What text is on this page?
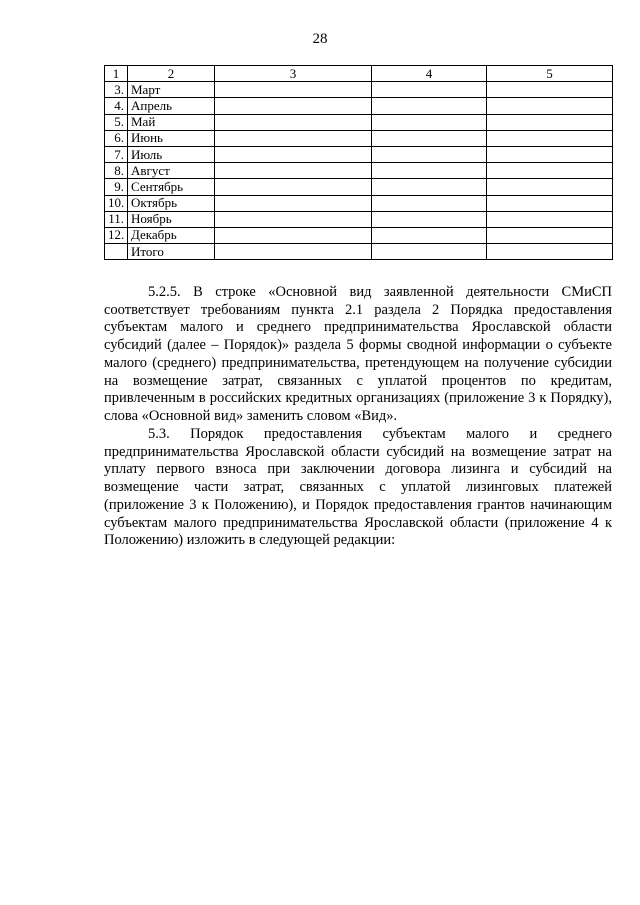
28
1	2	3	4	5
3.	Март			
4.	Апрель			
5.	Май			
6.	Июнь			
7.	Июль			
8.	Август			
9.	Сентябрь			
10.	Октябрь			
11.	Ноябрь			
12.	Декабрь			
	Итого			

5.2.5. В строке «Основной вид заявленной деятельности СМиСП соответствует требованиям пункта 2.1 раздела 2 Порядка предоставления субъектам малого и среднего предпринимательства Ярославской области субсидий (далее – Порядок)» раздела 5 формы сводной информации о субъекте малого (среднего) предпринимательства, претендующем на получение субсидии на возмещение затрат, связанных с уплатой процентов по кредитам, привлеченным в российских кредитных организациях (приложение 3 к Порядку), слова «Основной вид» заменить словом «Вид».

5.3. Порядок предоставления субъектам малого и среднего предпринимательства Ярославской области субсидий на возмещение затрат на уплату первого взноса при заключении договора лизинга и субсидий на возмещение части затрат, связанных с уплатой лизинговых платежей (приложение 3 к Положению), и Порядок предоставления грантов начинающим субъектам малого предпринимательства Ярославской области (приложение 4 к Положению) изложить в следующей редакции:
